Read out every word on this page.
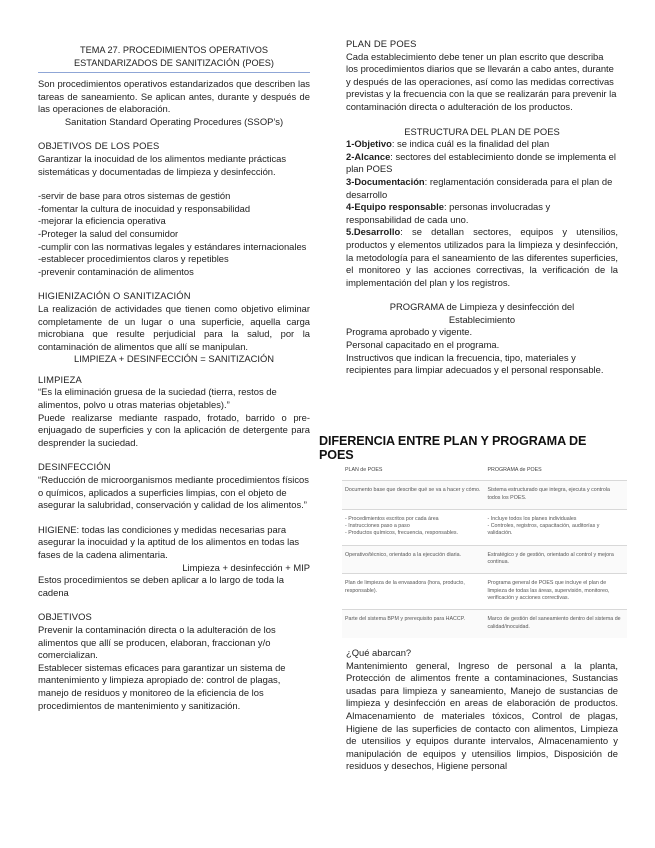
TEMA 27. PROCEDIMIENTOS OPERATIVOS

ESTANDARIZADOS DE SANITIZACIÓN (POES)

Son procedimientos operativos estandarizados que describen las tareas de saneamiento. Se aplican antes, durante y después de las operaciones de elaboración.

Sanitation Standard Operating Procedures (SSOP’s)

OBJETIVOS DE LOS POES

Garantizar la inocuidad de los alimentos mediante prácticas sistemáticas y documentadas de limpieza y desinfección.

-servir de base para otros sistemas de gestión

-fomentar la cultura de inocuidad y responsabilidad

-mejorar la eficiencia operativa

-Proteger la salud del consumidor

-cumplir con las normativas legales y estándares internacionales

-establecer procedimientos claros y repetibles

-prevenir contaminación de alimentos

HIGIENIZACIÓN O SANITIZACIÓN

La realización de actividades que tienen como objetivo eliminar completamente de un lugar o una superficie, aquella carga microbiana que resulte perjudicial para la salud, por la contaminación de alimentos que allí se manipulan.

LIMPIEZA + DESINFECCIÓN = SANITIZACIÓN

LIMPIEZA

“Es la eliminación gruesa de la suciedad (tierra, restos de alimentos, polvo u otras materias objetables).”

Puede realizarse mediante raspado, frotado, barrido o pre-enjuagado de superficies y con la aplicación de detergente para desprender la suciedad.

DESINFECCIÓN

“Reducción de microorganismos mediante procedimientos físicos o químicos, aplicados a superficies limpias, con el objeto de asegurar la salubridad, conservación y calidad de los alimentos.”

HIGIENE: todas las condiciones y medidas necesarias para asegurar la inocuidad y la aptitud de los alimentos en todas las fases de la cadena alimentaria.

Limpieza + desinfección + MIP

Estos procedimientos se deben aplicar a lo largo de toda la cadena

OBJETIVOS

Prevenir la contaminación directa o la adulteración de los alimentos que allí se producen, elaboran, fraccionan y/o comercializan.

Establecer sistemas eficaces para garantizar un sistema de mantenimiento y limpieza apropiado de: control de plagas, manejo de residuos y monitoreo de la eficiencia de los procedimientos de mantenimiento y sanitización.

PLAN DE POES

Cada establecimiento debe tener un plan escrito que describa los procedimientos diarios que se llevarán a cabo antes, durante y después de las operaciones, así como las medidas correctivas previstas y la frecuencia con la que se realizarán para prevenir la contaminación directa o adulteración de los productos.

ESTRUCTURA DEL PLAN DE POES

1-Objetivo: se indica cuál es la finalidad del plan

2-Alcance: sectores del establecimiento donde se implementa el plan POES

3-Documentación: reglamentación considerada para el plan de desarrollo

4-Equipo responsable: personas involucradas y responsabilidad de cada uno.

5.Desarrollo: se detallan sectores, equipos y utensilios, productos y elementos utilizados para la limpieza y desinfección, la metodología para el saneamiento de las diferentes superficies, el monitoreo y las acciones correctivas, la verificación de la implementación del plan y los registros.

PROGRAMA de Limpieza y desinfección del

Establecimiento

Programa aprobado y vigente.

Personal capacitado en el programa.

Instructivos que indican la frecuencia, tipo, materiales y recipientes para limpiar adecuados y el personal responsable.

DIFERENCIA ENTRE PLAN Y PROGRAMA DE POES
PLAN de POES	PROGRAMA de POES
Documento base que describe qué se va a hacer y cómo.	Sistema estructurado que integra, ejecuta y controla todos los POES.
- Procedimientos escritos por cada área
- Instrucciones paso a paso
- Productos químicos, frecuencia, responsables.	- Incluye todos los planes individuales
- Controles, registros, capacitación, auditorías y validación.
Operativo/técnico, orientado a la ejecución diaria.	Estratégico y de gestión, orientado al control y mejora continua.
Plan de limpieza de la envasadora (hora, producto, responsable).	Programa general de POES que incluye el plan de limpieza de todas las áreas, supervisión, monitoreo, verificación y acciones correctivas.
Parte del sistema BPM y prerequisito para HACCP.	Marco de gestión del saneamiento dentro del sistema de calidad/inocuidad.

¿Qué abarcan?

Mantenimiento general, Ingreso de personal a la planta, Protección de alimentos frente a contaminaciones, Sustancias usadas para limpieza y saneamiento, Manejo de sustancias de limpieza y desinfección en areas de elaboración de productos. Almacenamiento de materiales tóxicos, Control de plagas, Higiene de las superficies de contacto con alimentos, Limpieza de utensilios y equipos durante intervalos, Almacenamiento y manipulación de equipos y utensilios limpios, Disposición de residuos y desechos, Higiene personal
